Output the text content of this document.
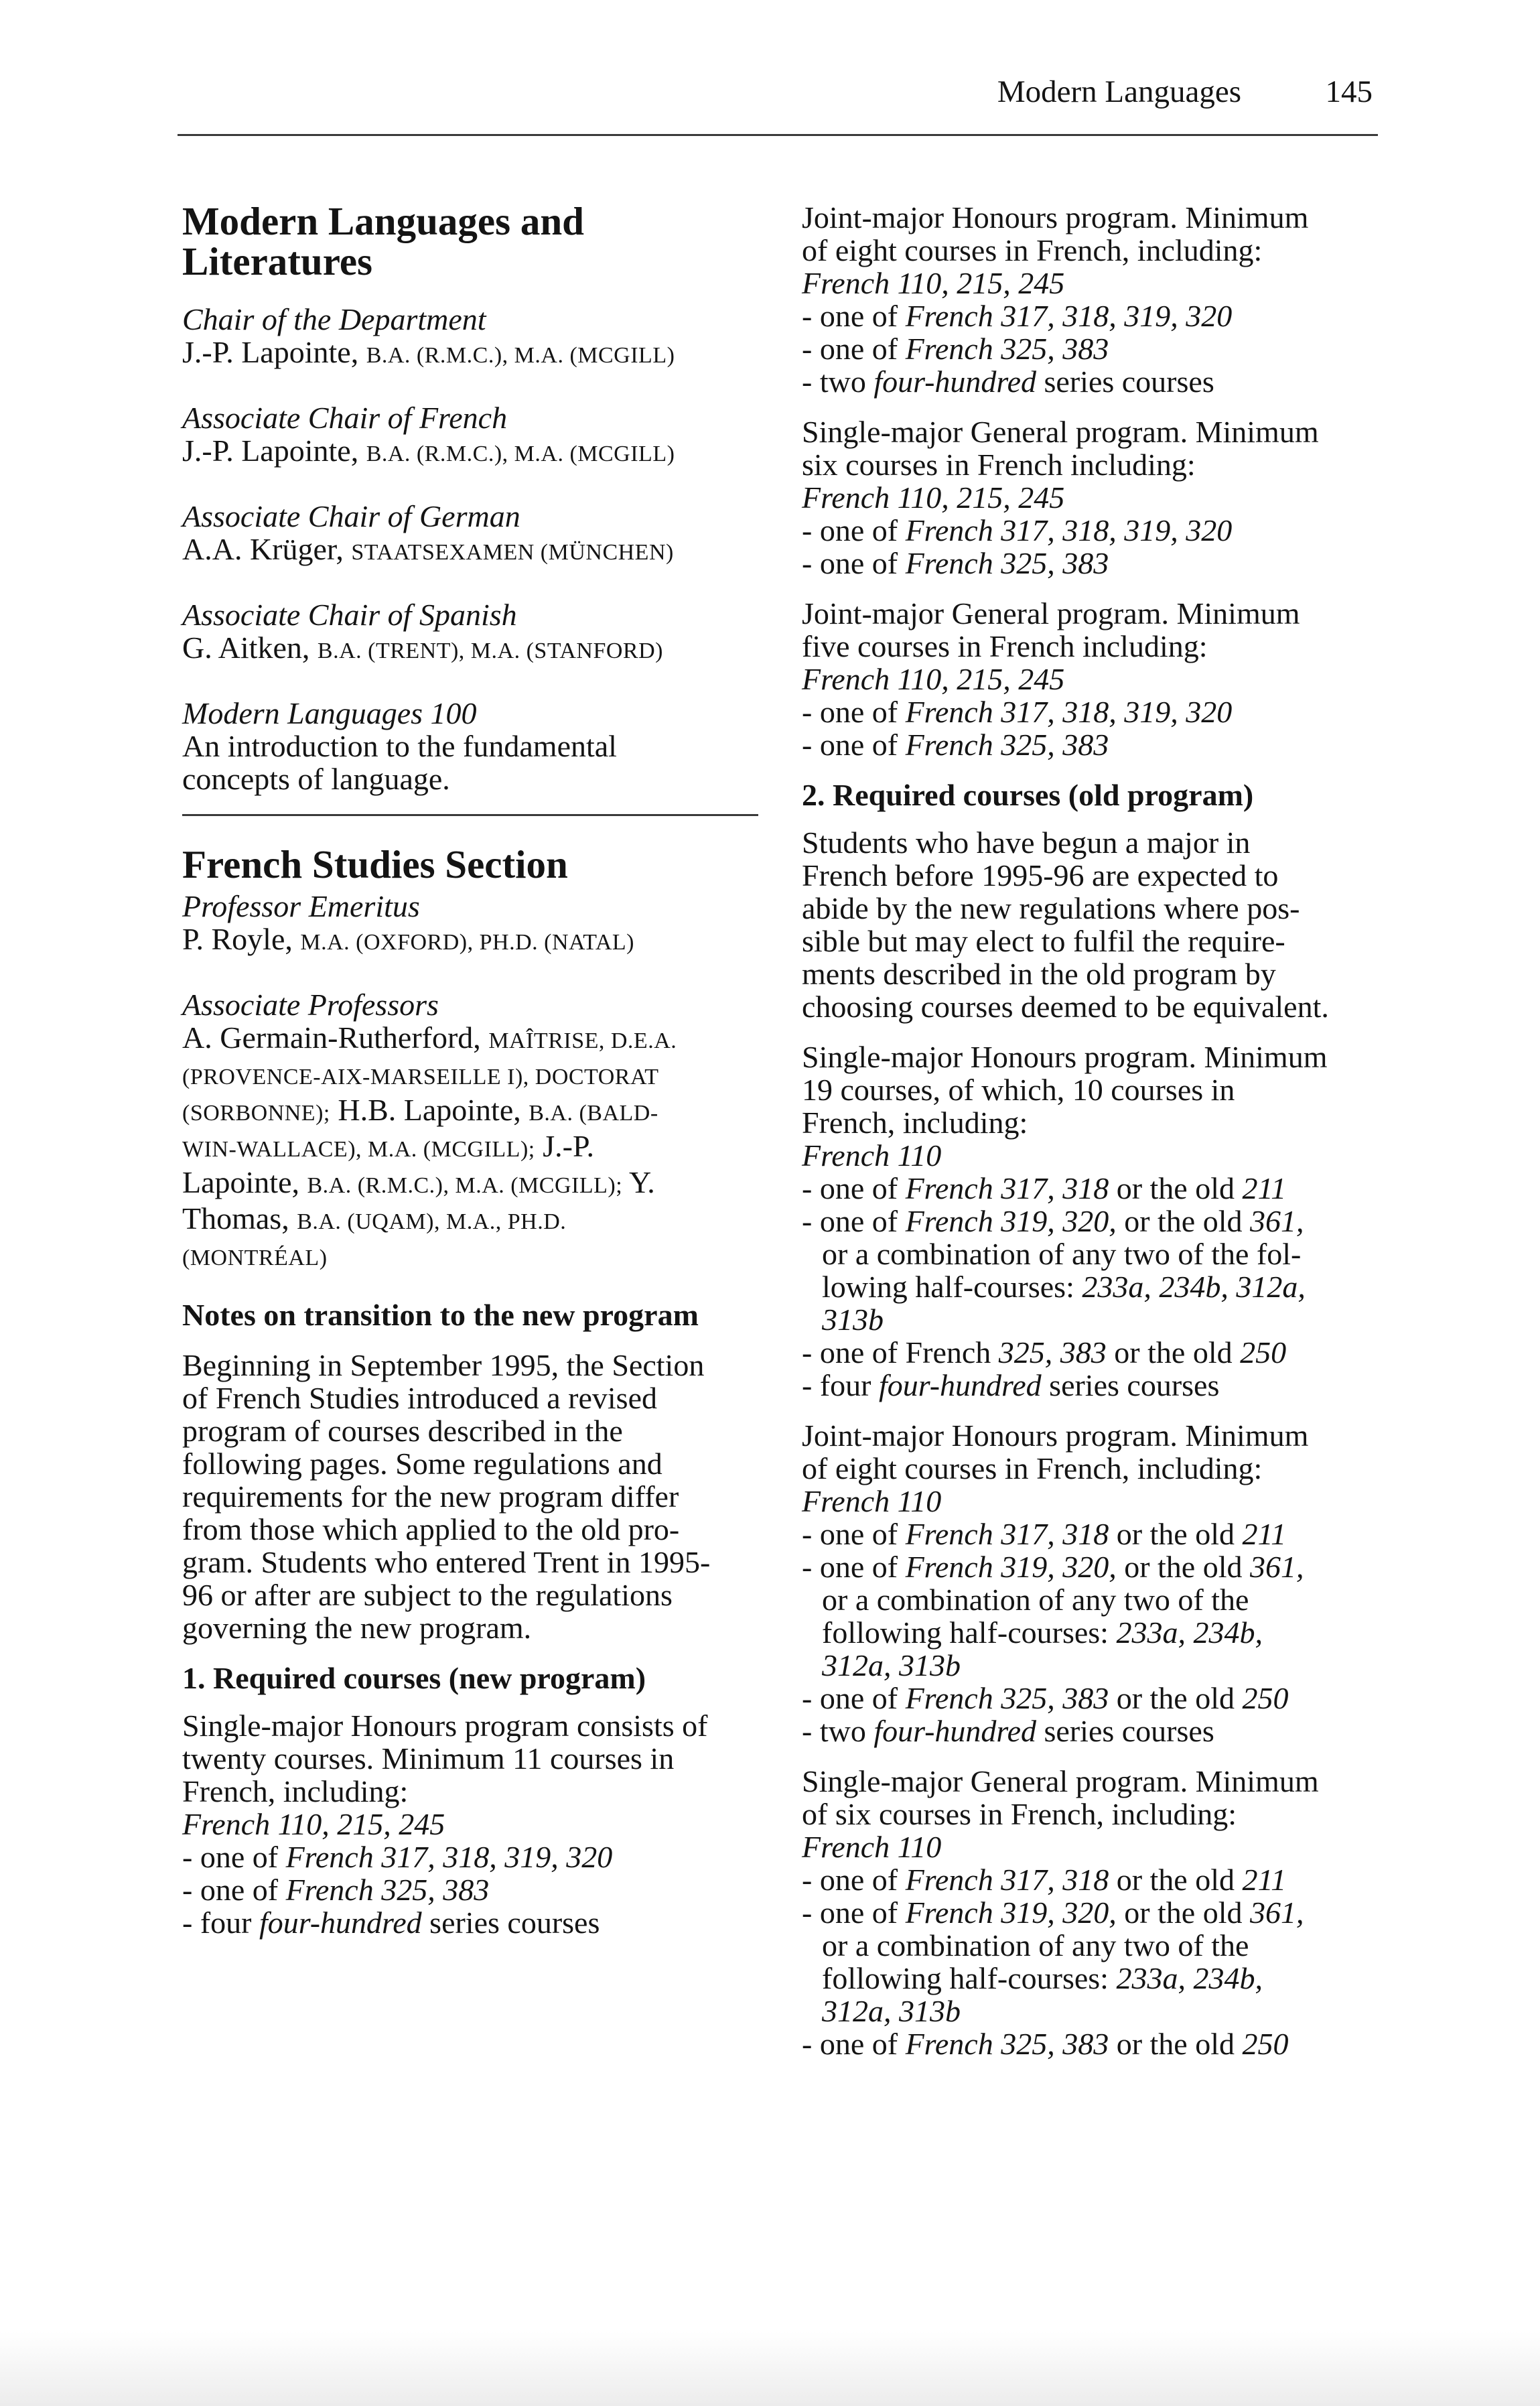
Modern Languages	145
Modern Languages and Literatures

Chair of the Department

J.-P. Lapointe, B.A. (R.M.C.), M.A. (MCGILL)

Associate Chair of French

J.-P. Lapointe, B.A. (R.M.C.), M.A. (MCGILL)

Associate Chair of German

A.A. Krüger, STAATSEXAMEN (MÜNCHEN)

Associate Chair of Spanish

G. Aitken, B.A. (TRENT), M.A. (STANFORD)

Modern Languages 100

An introduction to the fundamental

concepts of language.

French Studies Section

Professor Emeritus

P. Royle, M.A. (OXFORD), PH.D. (NATAL)

Associate Professors

A. Germain-Rutherford, MAÎTRISE, D.E.A.

(PROVENCE-AIX-MARSEILLE I), DOCTORAT

(SORBONNE); H.B. Lapointe, B.A. (BALD-

WIN-WALLACE), M.A. (MCGILL); J.-P.

Lapointe, B.A. (R.M.C.), M.A. (MCGILL); Y.

Thomas, B.A. (UQAM), M.A., PH.D.

(MONTRÉAL)

Notes on transition to the new program

Beginning in September 1995, the Section

of French Studies introduced a revised

program of courses described in the

following pages. Some regulations and

requirements for the new program differ

from those which applied to the old pro-

gram. Students who entered Trent in 1995-

96 or after are subject to the regulations

governing the new program.

1. Required courses (new program)

Single-major Honours program consists of

twenty courses. Minimum 11 courses in

French, including:

French 110, 215, 245

- one of French 317, 318, 319, 320

- one of French 325, 383

- four four-hundred series courses

Joint-major Honours program. Minimum

of eight courses in French, including:

French 110, 215, 245

- one of French 317, 318, 319, 320

- one of French 325, 383

- two four-hundred series courses

Single-major General program. Minimum

six courses in French including:

French 110, 215, 245

- one of French 317, 318, 319, 320

- one of French 325, 383

Joint-major General program. Minimum

five courses in French including:

French 110, 215, 245

- one of French 317, 318, 319, 320

- one of French 325, 383

2. Required courses (old program)

Students who have begun a major in

French before 1995-96 are expected to

abide by the new regulations where pos-

sible but may elect to fulfil the require-

ments described in the old program by

choosing courses deemed to be equivalent.

Single-major Honours program. Minimum

19 courses, of which, 10 courses in

French, including:

French 110

- one of French 317, 318 or the old 211

- one of French 319, 320, or the old 361,

or a combination of any two of the fol-

lowing half-courses: 233a, 234b, 312a,

313b

- one of French 325, 383 or the old 250

- four four-hundred series courses

Joint-major Honours program. Minimum

of eight courses in French, including:

French 110

- one of French 317, 318 or the old 211

- one of French 319, 320, or the old 361,

or a combination of any two of the

following half-courses: 233a, 234b,

312a, 313b

- one of French 325, 383 or the old 250

- two four-hundred series courses

Single-major General program. Minimum

of six courses in French, including:

French 110

- one of French 317, 318 or the old 211

- one of French 319, 320, or the old 361,

or a combination of any two of the

following half-courses: 233a, 234b,

312a, 313b

- one of French 325, 383 or the old 250
